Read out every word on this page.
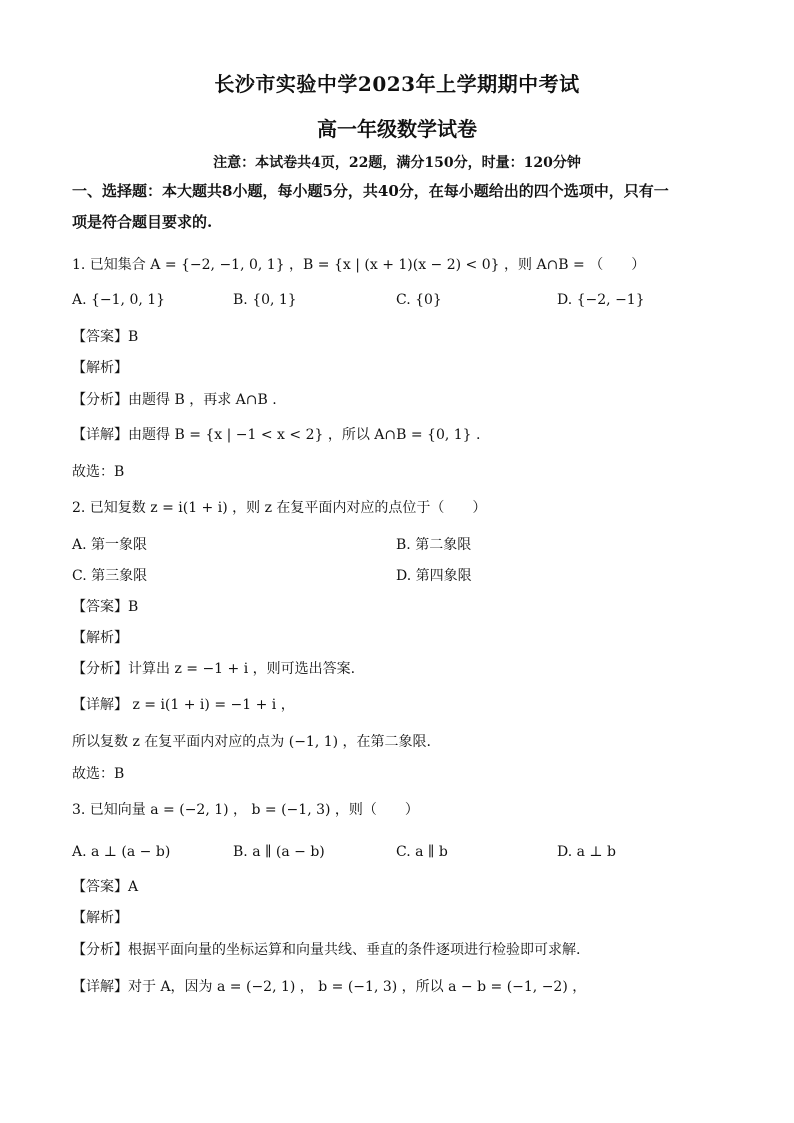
长沙市实验中学2023年上学期期中考试
高一年级数学试卷
注意：本试卷共4页，22题，满分150分，时量：120分钟
一、选择题：本大题共8小题，每小题5分，共40分，在每小题给出的四个选项中，只有一
项是符合题目要求的.
1. 已知集合 A = {−2, −1, 0, 1} ，B = {x | (x + 1)(x − 2) < 0} ，则 A∩B = （　　）
A. {−1, 0, 1}	B. {0, 1}	C. {0}	D. {−2, −1}
【答案】B
【解析】
【分析】由题得 B ，再求 A∩B .
【详解】由题得 B = {x | −1 < x < 2} ，所以 A∩B = {0, 1} .
故选：B
2. 已知复数 z = i(1 + i) ，则 z 在复平面内对应的点位于（　　）
A. 第一象限	B. 第二象限
C. 第三象限	D. 第四象限
【答案】B
【解析】
【分析】计算出 z = −1 + i ，则可选出答案.
【详解】 z = i(1 + i) = −1 + i ，
所以复数 z 在复平面内对应的点为 (−1, 1) ，在第二象限.
故选：B
3. 已知向量 a = (−2, 1) ， b = (−1, 3) ，则（　　）
A. a ⊥ (a − b)	B. a ∥ (a − b)	C. a ∥ b	D. a ⊥ b
【答案】A
【解析】
【分析】根据平面向量的坐标运算和向量共线、垂直的条件逐项进行检验即可求解.
【详解】对于 A，因为 a = (−2, 1) ， b = (−1, 3) ，所以 a − b = (−1, −2) ，
